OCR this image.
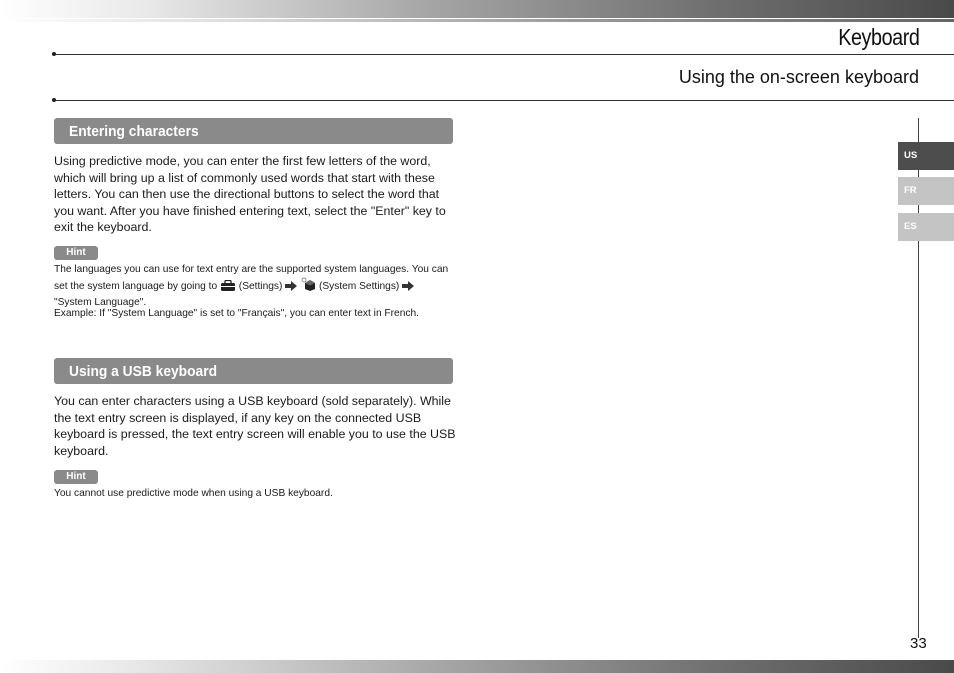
Keyboard
Using the on-screen keyboard
Entering characters
Using predictive mode, you can enter the first few letters of the word, which will bring up a list of commonly used words that start with these letters. You can then use the directional buttons to select the word that you want. After you have finished entering text, select the "Enter" key to exit the keyboard.
Hint
The languages you can use for text entry are the supported system languages. You can set the system language by going to (Settings)	(System Settings)  "System Language".
Example: If "System Language" is set to "Français", you can enter text in French.
Using a USB keyboard
You can enter characters using a USB keyboard (sold separately). While the text entry screen is displayed, if any key on the connected USB keyboard is pressed, the text entry screen will enable you to use the USB keyboard.
Hint
You cannot use predictive mode when using a USB keyboard.
US
FR
ES
33
